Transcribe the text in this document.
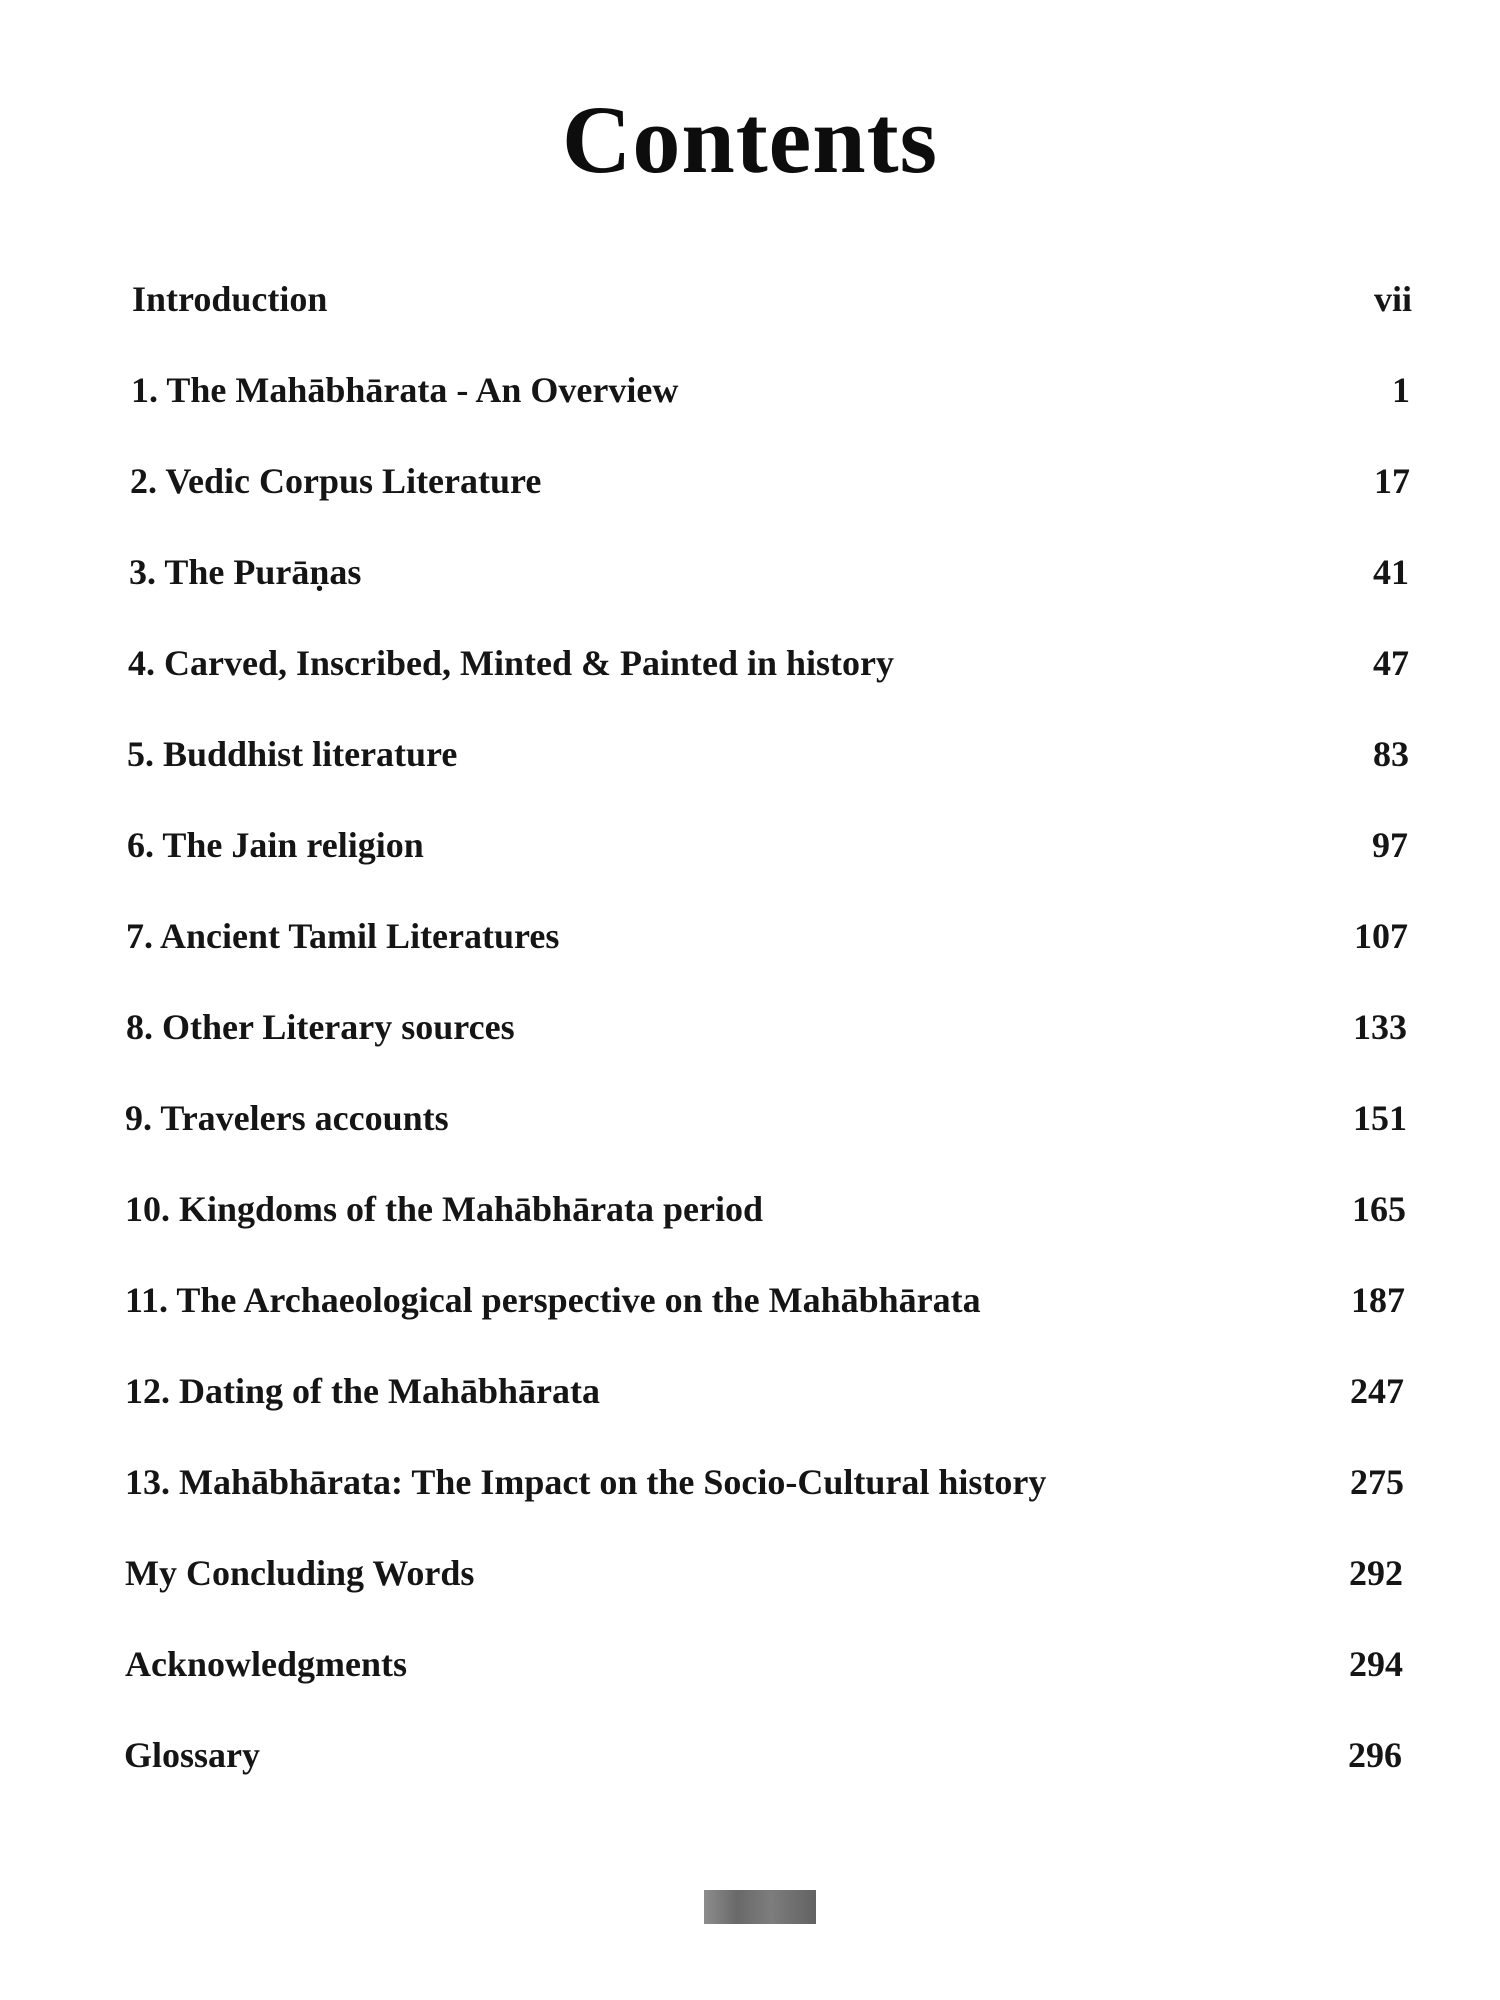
Contents
Introduction	vii
1. The Mahābhārata - An Overview	1
2. Vedic Corpus Literature	17
3. The Purāṇas	41
4. Carved, Inscribed, Minted & Painted in history	47
5. Buddhist literature	83
6. The Jain religion	97
7. Ancient Tamil Literatures	107
8. Other Literary sources	133
9. Travelers accounts	151
10. Kingdoms of the Mahābhārata period	165
11. The Archaeological perspective on the Mahābhārata	187
12. Dating of the Mahābhārata	247
13. Mahābhārata: The Impact on the Socio-Cultural history	275
My Concluding Words	292
Acknowledgments	294
Glossary	296
